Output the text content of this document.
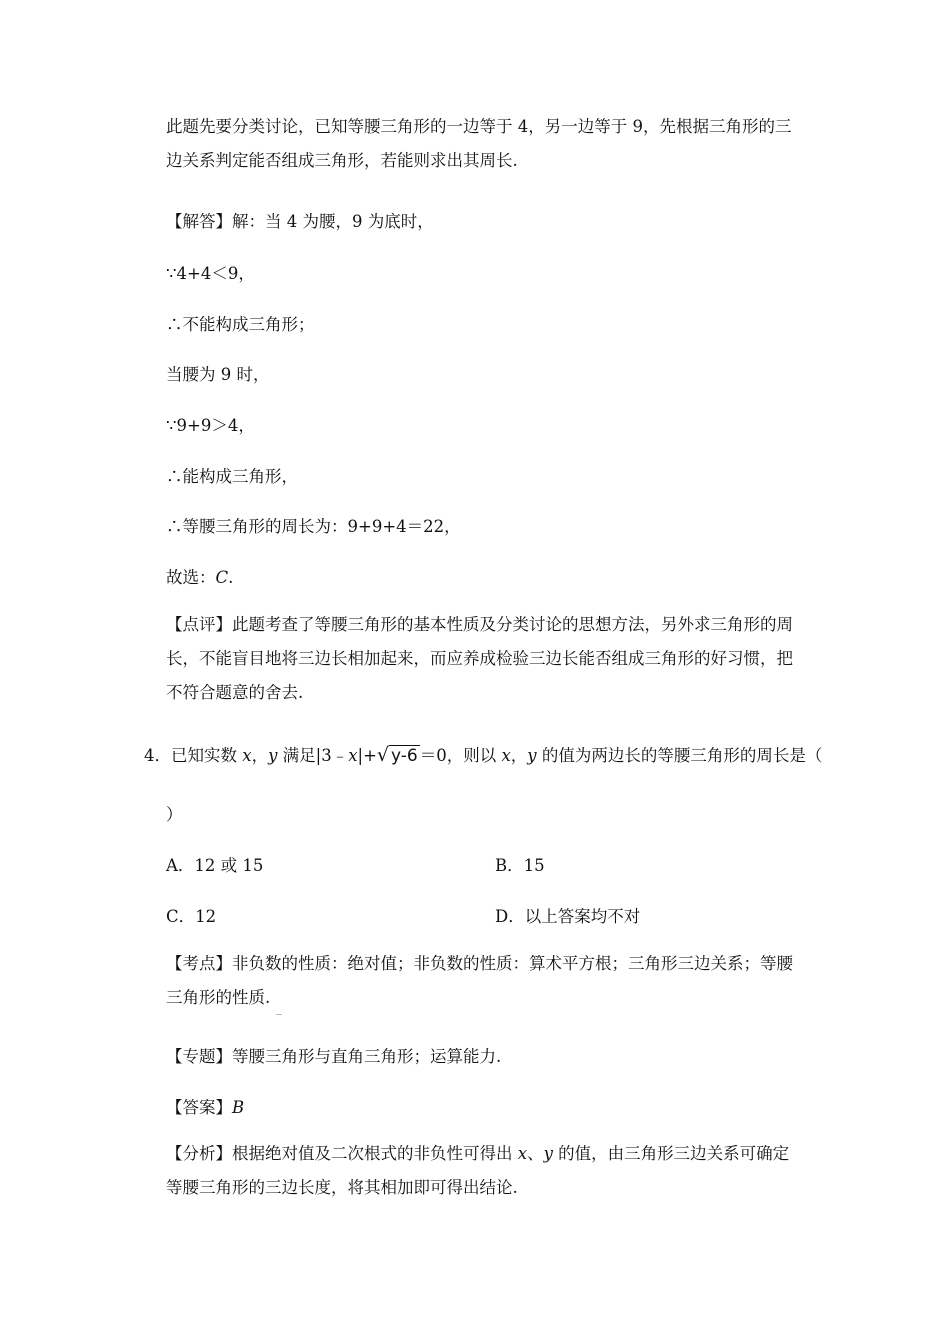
此题先要分类讨论，已知等腰三角形的一边等于 4，另一边等于 9，先根据三角形的三
边关系判定能否组成三角形，若能则求出其周长.
【解答】解：当 4 为腰，9 为底时，
∵4+4＜9，
∴不能构成三角形；
当腰为 9 时，
∵9+9＞4，
∴能构成三角形，
∴等腰三角形的周长为：9+9+4＝22，
故选：C.
【点评】此题考查了等腰三角形的基本性质及分类讨论的思想方法，另外求三角形的周
长，不能盲目地将三边长相加起来，而应养成检验三边长能否组成三角形的好习惯，把
不符合题意的舍去.
4．已知实数 x，y 满足|3﹣x|+√ y-6 ＝0，则以 x，y 的值为两边长的等腰三角形的周长是（
）
A．12 或 15	B．15
C．12	D．以上答案均不对
【考点】非负数的性质：绝对值；非负数的性质：算术平方根；三角形三边关系；等腰
三角形的性质.
【专题】等腰三角形与直角三角形；运算能力.
【答案】B
【分析】根据绝对值及二次根式的非负性可得出 x、y 的值，由三角形三边关系可确定
等腰三角形的三边长度，将其相加即可得出结论.
